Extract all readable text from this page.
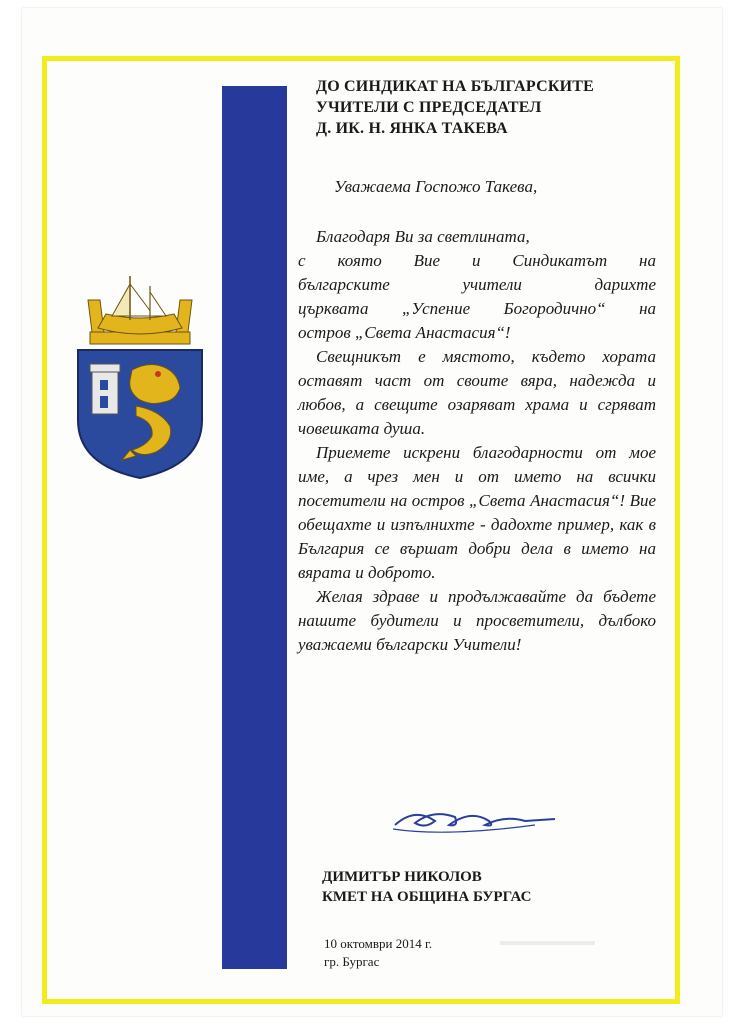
ДО СИНДИКАТ НА БЪЛГАРСКИТЕ
УЧИТЕЛИ С ПРЕДСЕДАТЕЛ
Д. ИК. Н. ЯНКА ТАКЕВА
Уважаема Госпожо Такева,

Благодаря Ви за светлината,

с която Вие и Синдикатът на

българските учители дарихте

църквата „Успение Богородично“ на

остров „Света Анастасия“!

Свещникът е мястото, където хората оставят част от своите вяра, надежда и любов, а свещите озаряват храма и сгряват човешката душа.

Приемете искрени благодарности от мое име, а чрез мен и от името на всички посетители на остров „Света Анастасия“! Вие обещахте и изпълнихте - дадохте пример, как в България се вършат добри дела в името на вярата и доброто.

Желая здраве и продължавайте да бъдете нашите будители и просветители, дълбоко уважаеми български Учители!

ДИМИТЪР НИКОЛОВ
КМЕТ НА ОБЩИНА БУРГАС
10 октомври 2014 г.
гр. Бургас
